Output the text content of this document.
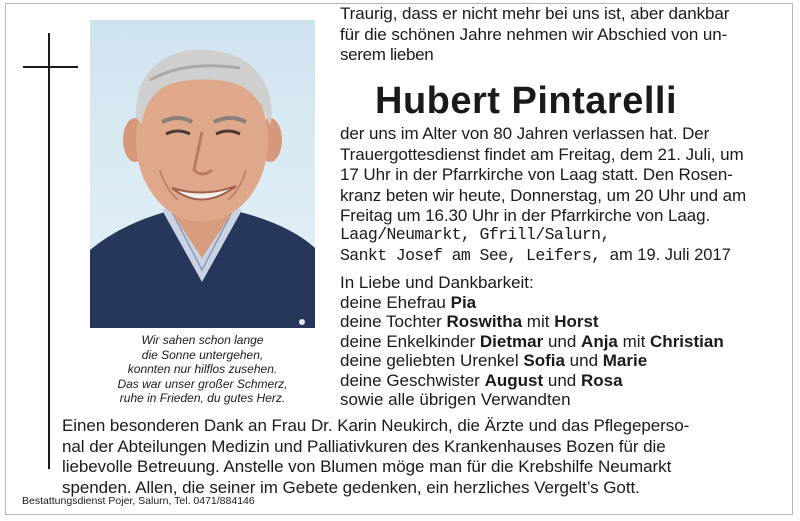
Wir sahen schon lange
die Sonne untergehen,
konnten nur hilflos zusehen.
Das war unser großer Schmerz,
ruhe in Frieden, du gutes Herz.
Traurig, dass er nicht mehr bei uns ist, aber dankbar
für die schönen Jahre nehmen wir Abschied von un-
serem lieben
Hubert Pintarelli
der uns im Alter von 80 Jahren verlassen hat. Der
Trauergottesdienst findet am Freitag, dem 21. Juli, um
17 Uhr in der Pfarrkirche von Laag statt. Den Rosen-
kranz beten wir heute, Donnerstag, um 20 Uhr und am
Freitag um 16.30 Uhr in der Pfarrkirche von Laag.
Laag/Neumarkt, Gfrill/Salurn,
Sankt Josef am See, Leifers, am 19. Juli 2017
In Liebe und Dankbarkeit:
deine Ehefrau Pia
deine Tochter Roswitha mit Horst
deine Enkelkinder Dietmar und Anja mit Christian
deine geliebten Urenkel Sofia und Marie
deine Geschwister August und Rosa
sowie alle übrigen Verwandten
Einen besonderen Dank an Frau Dr. Karin Neukirch, die Ärzte und das Pflegeperso-
nal der Abteilungen Medizin und Palliativkuren des Krankenhauses Bozen für die
liebevolle Betreuung. Anstelle von Blumen möge man für die Krebshilfe Neumarkt
spenden. Allen, die seiner im Gebete gedenken, ein herzliches Vergelt’s Gott.
Bestattungsdienst Pojer, Salurn, Tel. 0471/884146
